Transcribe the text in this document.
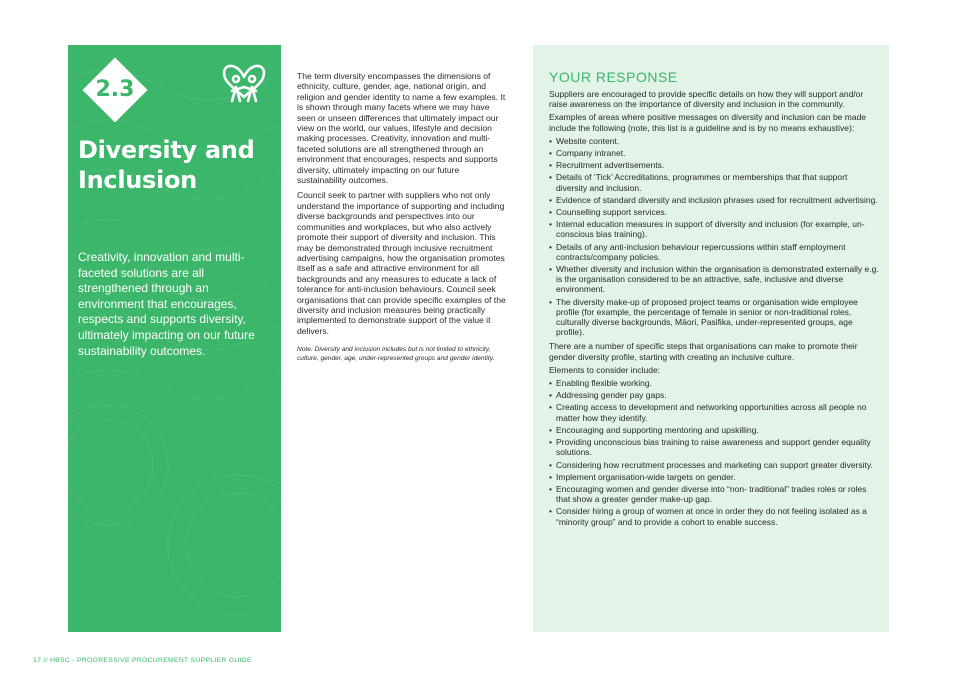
2.3
Diversity and
Inclusion

Creativity, innovation and multi-faceted solutions are all strengthened through an environment that encourages, respects and supports diversity, ultimately impacting on our future sustainability outcomes.

The term diversity encompasses the dimensions of ethnicity, culture, gender, age, national origin, and religion and gender identity to name a few examples. It is shown through many facets where we may have seen or unseen differences that ultimately impact our view on the world, our values, lifestyle and decision making processes. Creativity, innovation and multi-faceted solutions are all strengthened through an environment that encourages, respects and supports diversity, ultimately impacting on our future sustainability outcomes.

Council seek to partner with suppliers who not only understand the importance of supporting and including diverse backgrounds and perspectives into our communities and workplaces, but who also actively promote their support of diversity and inclusion. This may be demonstrated through inclusive recruitment advertising campaigns, how the organisation promotes itself as a safe and attractive environment for all backgrounds and any measures to educate a lack of tolerance for anti-inclusion behaviours. Council seek organisations that can provide specific examples of the diversity and inclusion measures being practically implemented to demonstrate support of the value it delivers.

Note: Diversity and inclusion includes but is not limited to ethnicity, culture, gender, age, under-represented groups and gender identity.

YOUR RESPONSE

Suppliers are encouraged to provide specific details on how they will support and/or raise awareness on the importance of diversity and inclusion in the community.

Examples of areas where positive messages on diversity and inclusion can be made include the following (note, this list is a guideline and is by no means exhaustive):

• Website content.
• Company intranet.
• Recruitment advertisements.
• Details of ‘Tick’ Accreditations, programmes or memberships that that support diversity and inclusion.
• Evidence of standard diversity and inclusion phrases used for recruitment advertising.
• Counselling support services.
• Internal education measures in support of diversity and inclusion (for example, un-conscious bias training).
• Details of any anti-inclusion behaviour repercussions within staff employment contracts/company policies.
• Whether diversity and inclusion within the organisation is demonstrated externally e.g. is the organisation considered to be an attractive, safe, inclusive and diverse environment.
• The diversity make-up of proposed project teams or organisation wide employee profile (for example, the percentage of female in senior or non-traditional roles, culturally diverse backgrounds, Māori, Pasifika, under-represented groups, age profile).

There are a number of specific steps that organisations can make to promote their gender diversity profile, starting with creating an inclusive culture.

Elements to consider include:

• Enabling flexible working.
• Addressing gender pay gaps.
• Creating access to development and networking opportunities across all people no matter how they identify.
• Encouraging and supporting mentoring and upskilling.
• Providing unconscious bias training to raise awareness and support gender equality solutions.
• Considering how recruitment processes and marketing can support greater diversity.
• Implement organisation-wide targets on gender.
• Encouraging women and gender diverse into “non- traditional” trades roles or roles that show a greater gender make-up gap.
• Consider hiring a group of women at once in order they do not feeling isolated as a “minority group” and to provide a cohort to enable success.

17 // HBSC - PROGRESSIVE PROCUREMENT SUPPLIER GUIDE
